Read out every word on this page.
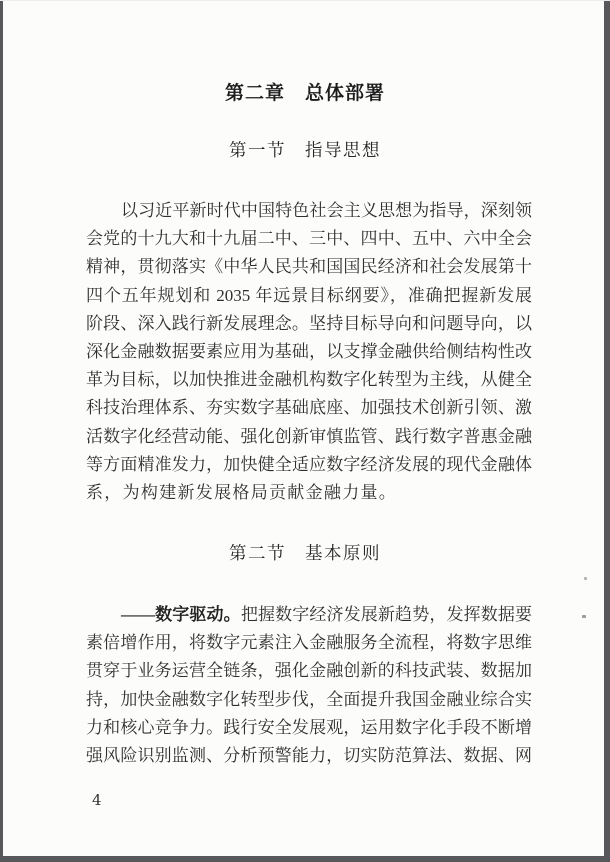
第二章　总体部署
第一节　指导思想
以习近平新时代中国特色社会主义思想为指导，深刻领
会党的十九大和十九届二中、三中、四中、五中、六中全会
精神，贯彻落实《中华人民共和国国民经济和社会发展第十
四个五年规划和 2035 年远景目标纲要》，准确把握新发展
阶段、深入践行新发展理念。坚持目标导向和问题导向，以
深化金融数据要素应用为基础，以支撑金融供给侧结构性改
革为目标，以加快推进金融机构数字化转型为主线，从健全
科技治理体系、夯实数字基础底座、加强技术创新引领、激
活数字化经营动能、强化创新审慎监管、践行数字普惠金融
等方面精准发力，加快健全适应数字经济发展的现代金融体
系，为构建新发展格局贡献金融力量。
第二节　基本原则
——数字驱动。把握数字经济发展新趋势，发挥数据要
素倍增作用，将数字元素注入金融服务全流程，将数字思维
贯穿于业务运营全链条，强化金融创新的科技武装、数据加
持，加快金融数字化转型步伐，全面提升我国金融业综合实
力和核心竞争力。践行安全发展观，运用数字化手段不断增
强风险识别监测、分析预警能力，切实防范算法、数据、网
4
